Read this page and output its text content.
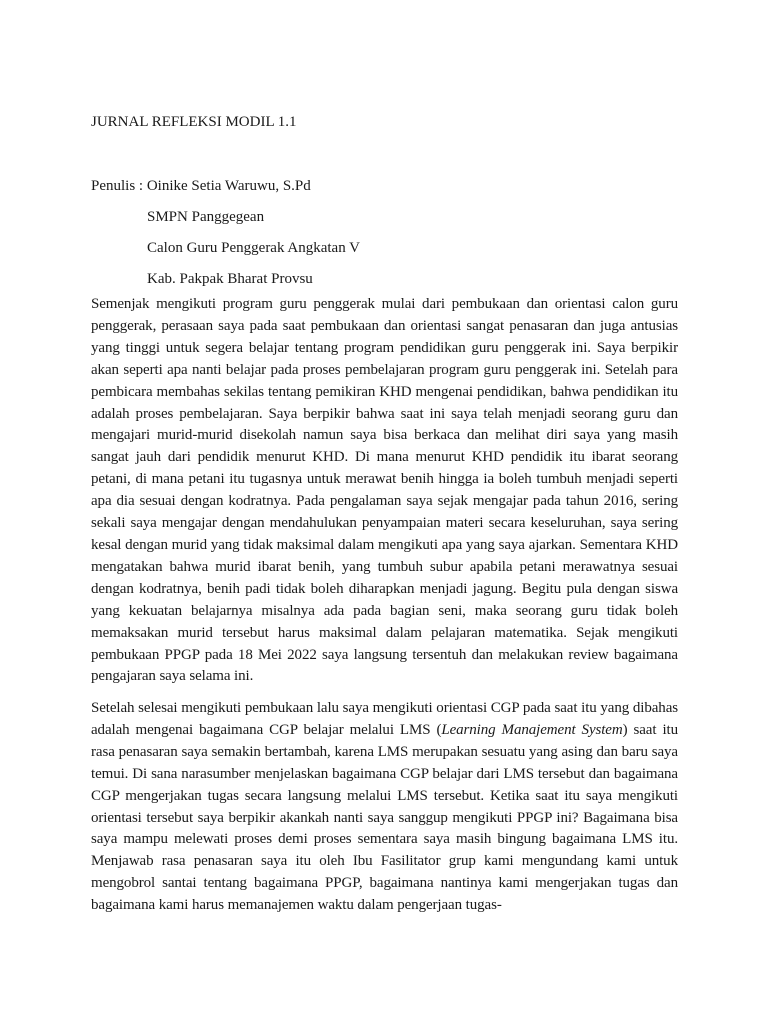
JURNAL REFLEKSI MODIL 1.1

Penulis : Oinike Setia Waruwu, S.Pd
SMPN Panggegean
Calon Guru Penggerak Angkatan V
Kab. Pakpak Bharat Provsu

Semenjak mengikuti program guru penggerak mulai dari pembukaan dan orientasi calon guru penggerak, perasaan saya pada saat pembukaan dan orientasi sangat penasaran dan juga antusias yang tinggi untuk segera belajar tentang program pendidikan guru penggerak ini. Saya berpikir akan seperti apa nanti belajar pada proses pembelajaran program guru penggerak ini. Setelah para pembicara membahas sekilas tentang pemikiran KHD mengenai pendidikan, bahwa pendidikan itu adalah proses pembelajaran. Saya berpikir bahwa saat ini saya telah menjadi seorang guru dan mengajari murid-murid disekolah namun saya bisa berkaca dan melihat diri saya yang masih sangat jauh dari pendidik menurut KHD. Di mana menurut KHD pendidik itu ibarat seorang petani, di mana petani itu tugasnya untuk merawat benih hingga ia boleh tumbuh menjadi seperti apa dia sesuai dengan kodratnya. Pada pengalaman saya sejak mengajar pada tahun 2016, sering sekali saya mengajar dengan mendahulukan penyampaian materi secara keseluruhan, saya sering kesal dengan murid yang tidak maksimal dalam mengikuti apa yang saya ajarkan. Sementara KHD mengatakan bahwa murid ibarat benih, yang tumbuh subur apabila petani merawatnya sesuai dengan kodratnya, benih padi tidak boleh diharapkan menjadi jagung. Begitu pula dengan siswa yang kekuatan belajarnya misalnya ada pada bagian seni, maka seorang guru tidak boleh memaksakan murid tersebut harus maksimal dalam pelajaran matematika. Sejak mengikuti pembukaan PPGP pada 18 Mei 2022 saya langsung tersentuh dan melakukan review bagaimana pengajaran saya selama ini.

Setelah selesai mengikuti pembukaan lalu saya mengikuti orientasi CGP pada saat itu yang dibahas adalah mengenai bagaimana CGP belajar melalui LMS (Learning Manajement System) saat itu rasa penasaran saya semakin bertambah, karena LMS merupakan sesuatu yang asing dan baru saya temui. Di sana narasumber menjelaskan bagaimana CGP belajar dari LMS tersebut dan bagaimana CGP mengerjakan tugas secara langsung melalui LMS tersebut. Ketika saat itu saya mengikuti orientasi tersebut saya berpikir akankah nanti saya sanggup mengikuti PPGP ini? Bagaimana bisa saya mampu melewati proses demi proses sementara saya masih bingung bagaimana LMS itu. Menjawab rasa penasaran saya itu oleh Ibu Fasilitator grup kami mengundang kami untuk mengobrol santai tentang bagaimana PPGP, bagaimana nantinya kami mengerjakan tugas dan bagaimana kami harus memanajemen waktu dalam pengerjaan tugas-
